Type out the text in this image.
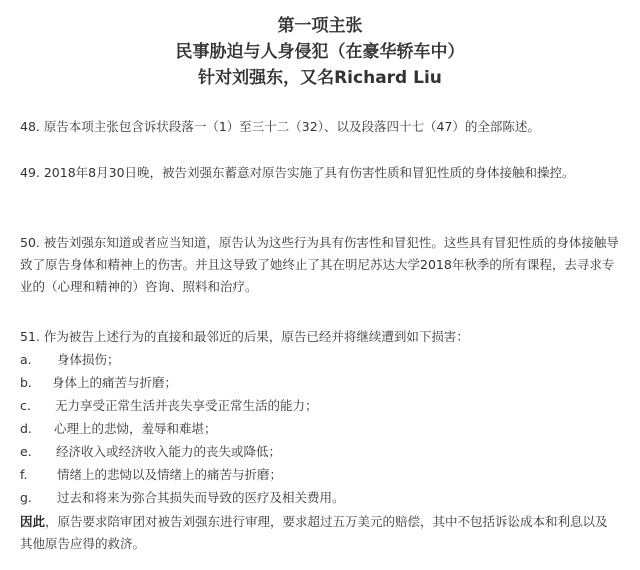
第一项主张
民事胁迫与人身侵犯（在豪华轿车中）
针对刘强东，又名Richard Liu
48. 原告本项主张包含诉状段落一（1）至三十二（32）、以及段落四十七（47）的全部陈述。
49. 2018年8月30日晚，被告刘强东蓄意对原告实施了具有伤害性质和冒犯性质的身体接触和操控。
50. 被告刘强东知道或者应当知道，原告认为这些行为具有伤害性和冒犯性。这些具有冒犯性质的身体接触导致了原告身体和精神上的伤害。并且这导致了她终止了其在明尼苏达大学2018年秋季的所有课程，去寻求专业的（心理和精神的）咨询、照料和治疗。
51. 作为被告上述行为的直接和最邻近的后果，原告已经并将继续遭到如下损害：
a. 身体损伤；
b. 身体上的痛苦与折磨；
c. 无力享受正常生活并丧失享受正常生活的能力；
d. 心理上的悲恸，羞辱和难堪；
e. 经济收入或经济收入能力的丧失或降低；
f. 情绪上的悲恸以及情绪上的痛苦与折磨；
g. 过去和将来为弥合其损失而导致的医疗及相关费用。
因此，原告要求陪审团对被告刘强东进行审理，要求超过五万美元的赔偿，其中不包括诉讼成本和利息以及其他原告应得的救济。
